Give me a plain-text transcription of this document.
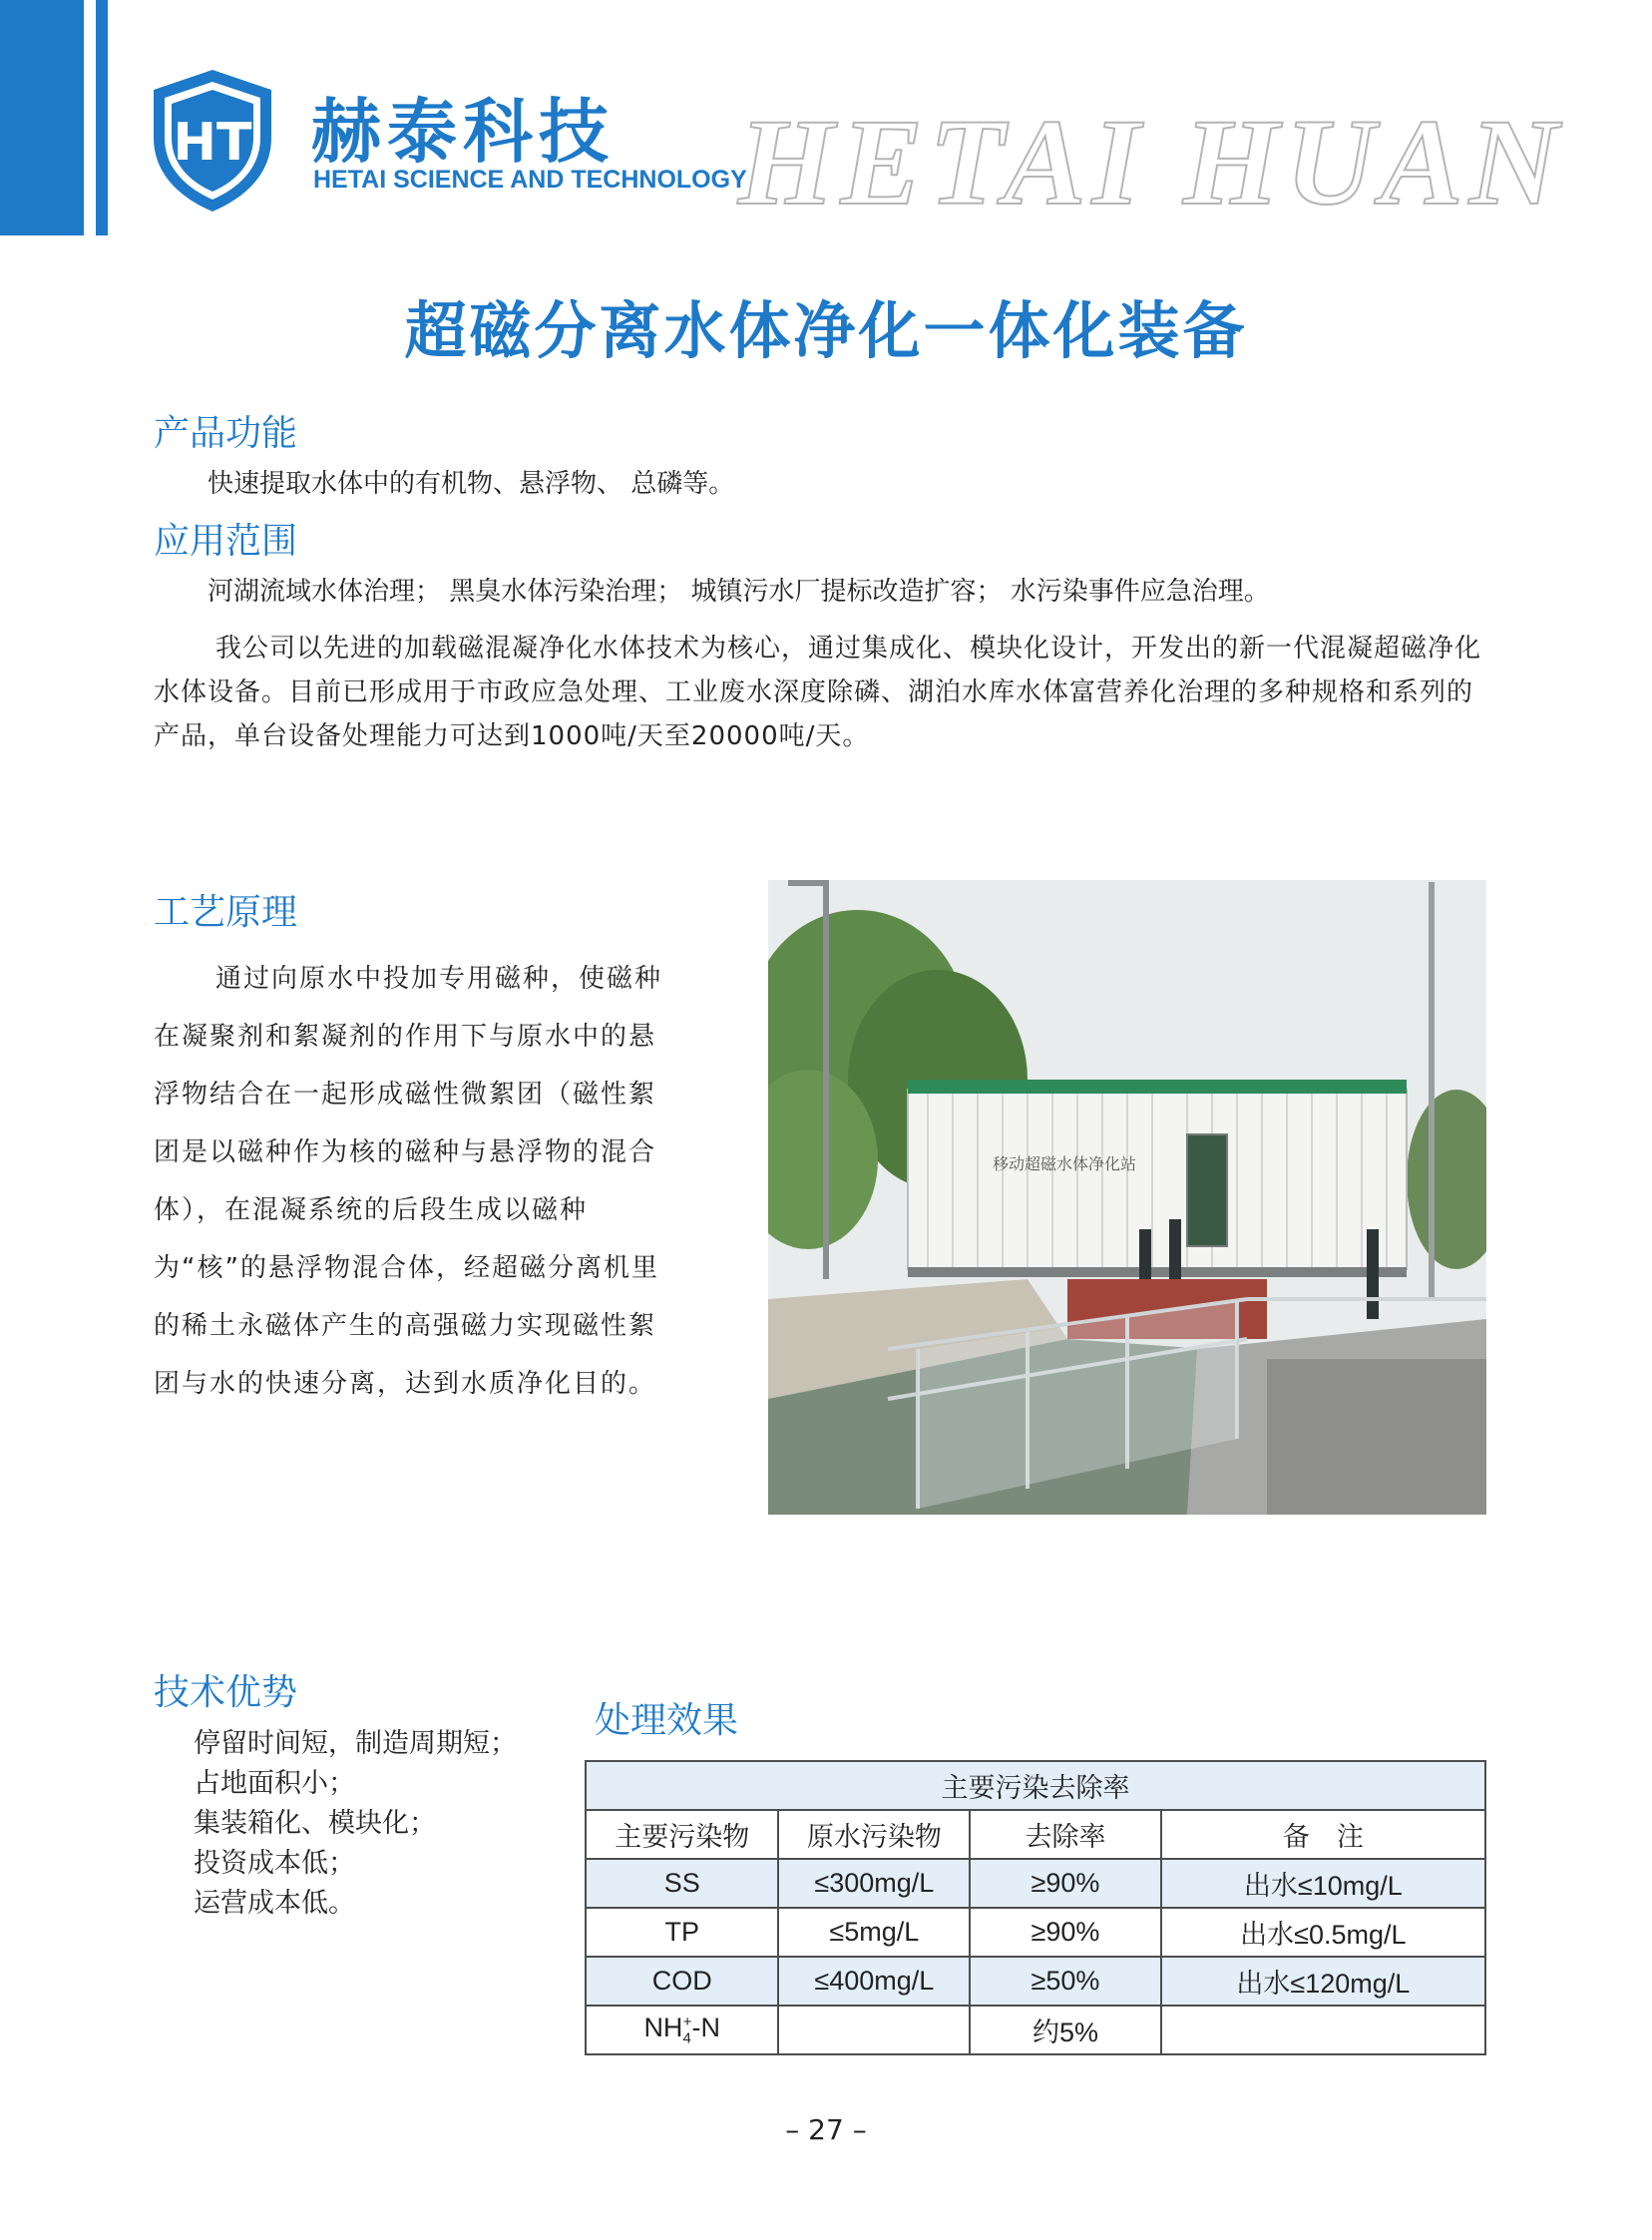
HT 赫泰科技
HETAI SCIENCE AND TECHNOLOGY
HETAI HUAN
超磁分离水体净化一体化装备
产品功能
快速提取水体中的有机物、悬浮物、 总磷等。
应用范围
河湖流域水体治理； 黑臭水体污染治理； 城镇污水厂提标改造扩容； 水污染事件应急治理。
我公司以先进的加载磁混凝净化水体技术为核心，通过集成化、模块化设计，开发出的新一代混凝超磁净化水体设备。目前已形成用于市政应急处理、工业废水深度除磷、湖泊水库水体富营养化治理的多种规格和系列的产品，单台设备处理能力可达到1000吨/天至20000吨/天。
工艺原理
通过向原水中投加专用磁种，使磁种在凝聚剂和絮凝剂的作用下与原水中的悬浮物结合在一起形成磁性微絮团（磁性絮团是以磁种作为核的磁种与悬浮物的混合体），在混凝系统的后段生成以磁种为“核”的悬浮物混合体，经超磁分离机里的稀土永磁体产生的高强磁力实现磁性絮团与水的快速分离，达到水质净化目的。
移动超磁水体净化站
技术优势
停留时间短，制造周期短；
占地面积小；
集装箱化、模块化；
投资成本低；
运营成本低。
处理效果
主要污染去除率			
主要污染物	原水污染物	去除率	备　注
SS	≤300mg/L	≥90%	出水≤10mg/L
TP	≤5mg/L	≥90%	出水≤0.5mg/L
COD	≤400mg/L	≥50%	出水≤120mg/L
$NH_4^+-N$		约5%	
– 27 –
